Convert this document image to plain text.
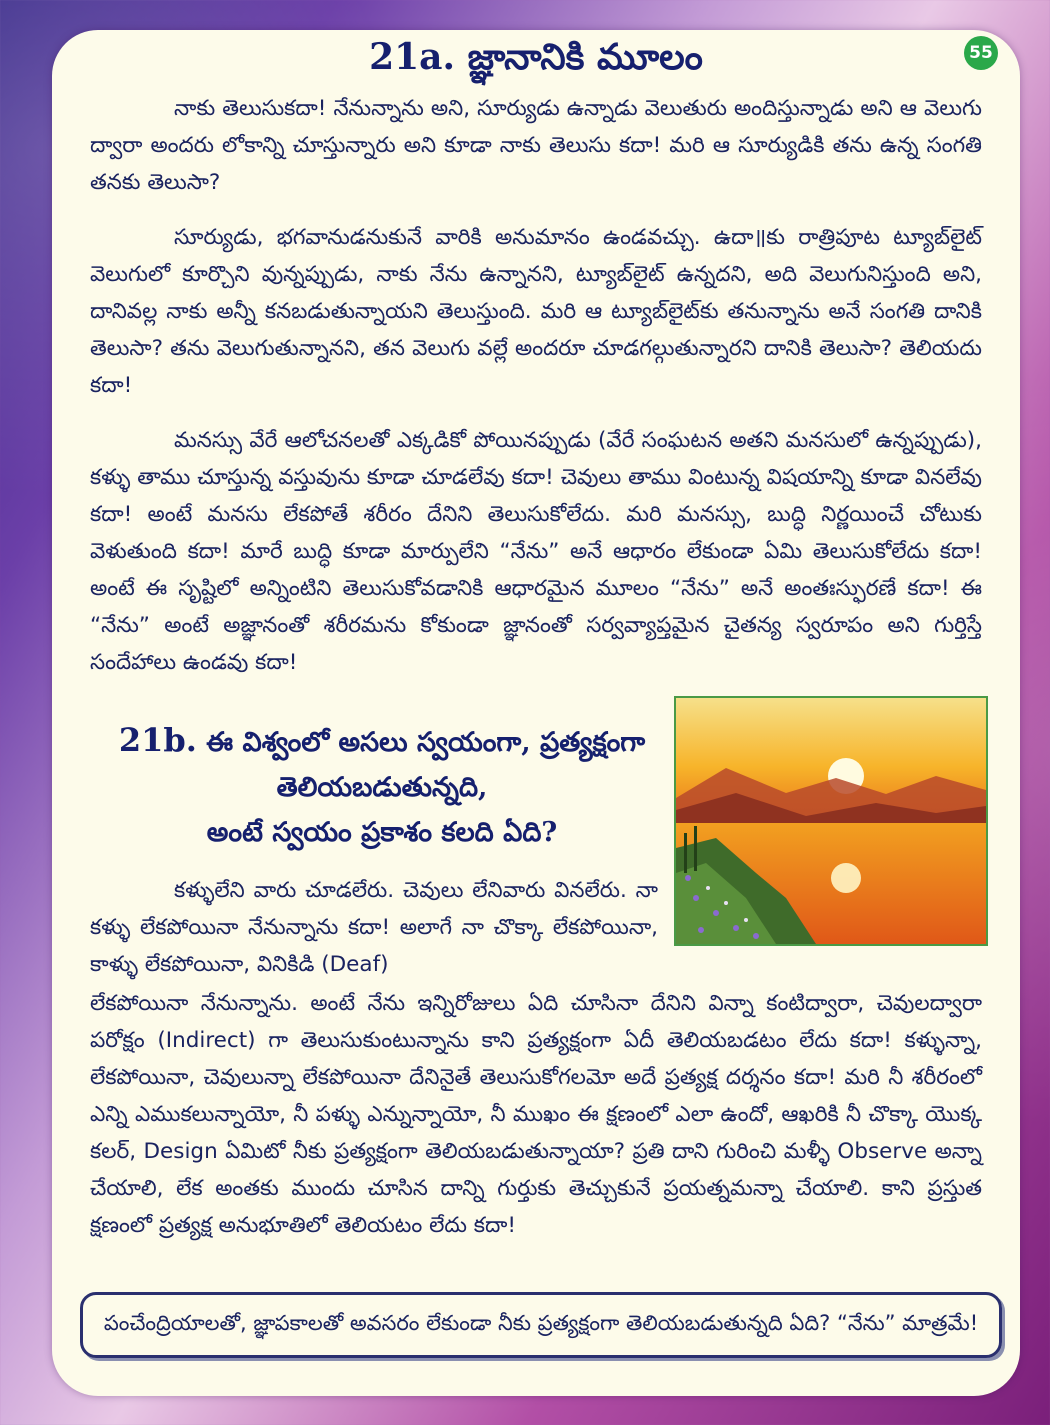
55
21a. జ్ఞానానికి మూలం

నాకు తెలుసుకదా! నేనున్నాను అని, సూర్యుడు ఉన్నాడు వెలుతురు అందిస్తున్నాడు అని ఆ వెలుగు ద్వారా అందరు లోకాన్ని చూస్తున్నారు అని కూడా నాకు తెలుసు కదా! మరి ఆ సూర్యుడికి తను ఉన్న సంగతి తనకు తెలుసా?

సూర్యుడు, భగవానుడనుకునే వారికి అనుమానం ఉండవచ్చు. ఉదా॥కు రాత్రిపూట ట్యూబ్‌లైట్ వెలుగులో కూర్చొని వున్నప్పుడు, నాకు నేను ఉన్నానని, ట్యూబ్‌లైట్ ఉన్నదని, అది వెలుగునిస్తుంది అని, దానివల్ల నాకు అన్నీ కనబడుతున్నాయని తెలుస్తుంది. మరి ఆ ట్యూబ్‌లైట్‌కు తనున్నాను అనే సంగతి దానికి తెలుసా? తను వెలుగుతున్నానని, తన వెలుగు వల్లే అందరూ చూడగల్గుతున్నారని దానికి తెలుసా? తెలియదు కదా!

మనస్సు వేరే ఆలోచనలతో ఎక్కడికో పోయినప్పుడు (వేరే సంఘటన అతని మనసులో ఉన్నప్పుడు), కళ్ళు తాము చూస్తున్న వస్తువును కూడా చూడలేవు కదా! చెవులు తాము వింటున్న విషయాన్ని కూడా వినలేవు కదా! అంటే మనసు లేకపోతే శరీరం దేనిని తెలుసుకోలేదు. మరి మనస్సు, బుద్ధి నిర్ణయించే చోటుకు వెళుతుంది కదా! మారే బుద్ధి కూడా మార్పులేని “నేను” అనే ఆధారం లేకుండా ఏమి తెలుసుకోలేదు కదా! అంటే ఈ సృష్టిలో అన్నింటిని తెలుసుకోవడానికి ఆధారమైన మూలం “నేను” అనే అంతఃస్ఫురణే కదా! ఈ “నేను” అంటే అజ్ఞానంతో శరీరమను కోకుండా జ్ఞానంతో సర్వవ్యాప్తమైన చైతన్య స్వరూపం అని గుర్తిస్తే సందేహాలు ఉండవు కదా!

21b. ఈ విశ్వంలో అసలు స్వయంగా, ప్రత్యక్షంగా
తెలియబడుతున్నది,
అంటే స్వయం ప్రకాశం కలది ఏది?

కళ్ళులేని వారు చూడలేరు. చెవులు లేనివారు వినలేరు. నా కళ్ళు లేకపోయినా నేనున్నాను కదా! అలాగే నా చొక్కా లేకపోయినా, కాళ్ళు లేకపోయినా, వినికిడి (Deaf)

లేకపోయినా నేనున్నాను. అంటే నేను ఇన్నిరోజులు ఏది చూసినా దేనిని విన్నా కంటిద్వారా, చెవులద్వారా పరోక్షం (Indirect) గా తెలుసుకుంటున్నాను కాని ప్రత్యక్షంగా ఏదీ తెలియబడటం లేదు కదా! కళ్ళున్నా, లేకపోయినా, చెవులున్నా లేకపోయినా దేనినైతే తెలుసుకోగలమో అదే ప్రత్యక్ష దర్శనం కదా! మరి నీ శరీరంలో ఎన్ని ఎముకలున్నాయో, నీ పళ్ళు ఎన్నున్నాయో, నీ ముఖం ఈ క్షణంలో ఎలా ఉందో, ఆఖరికి నీ చొక్కా యొక్క కలర్, Design ఏమిటో నీకు ప్రత్యక్షంగా తెలియబడుతున్నాయా? ప్రతి దాని గురించి మళ్ళీ Observe అన్నా చేయాలి, లేక అంతకు ముందు చూసిన దాన్ని గుర్తుకు తెచ్చుకునే ప్రయత్నమన్నా చేయాలి. కాని ప్రస్తుత క్షణంలో ప్రత్యక్ష అనుభూతిలో తెలియటం లేదు కదా!

పంచేంద్రియాలతో, జ్ఞాపకాలతో అవసరం లేకుండా నీకు ప్రత్యక్షంగా తెలియబడుతున్నది ఏది? “నేను” మాత్రమే!
